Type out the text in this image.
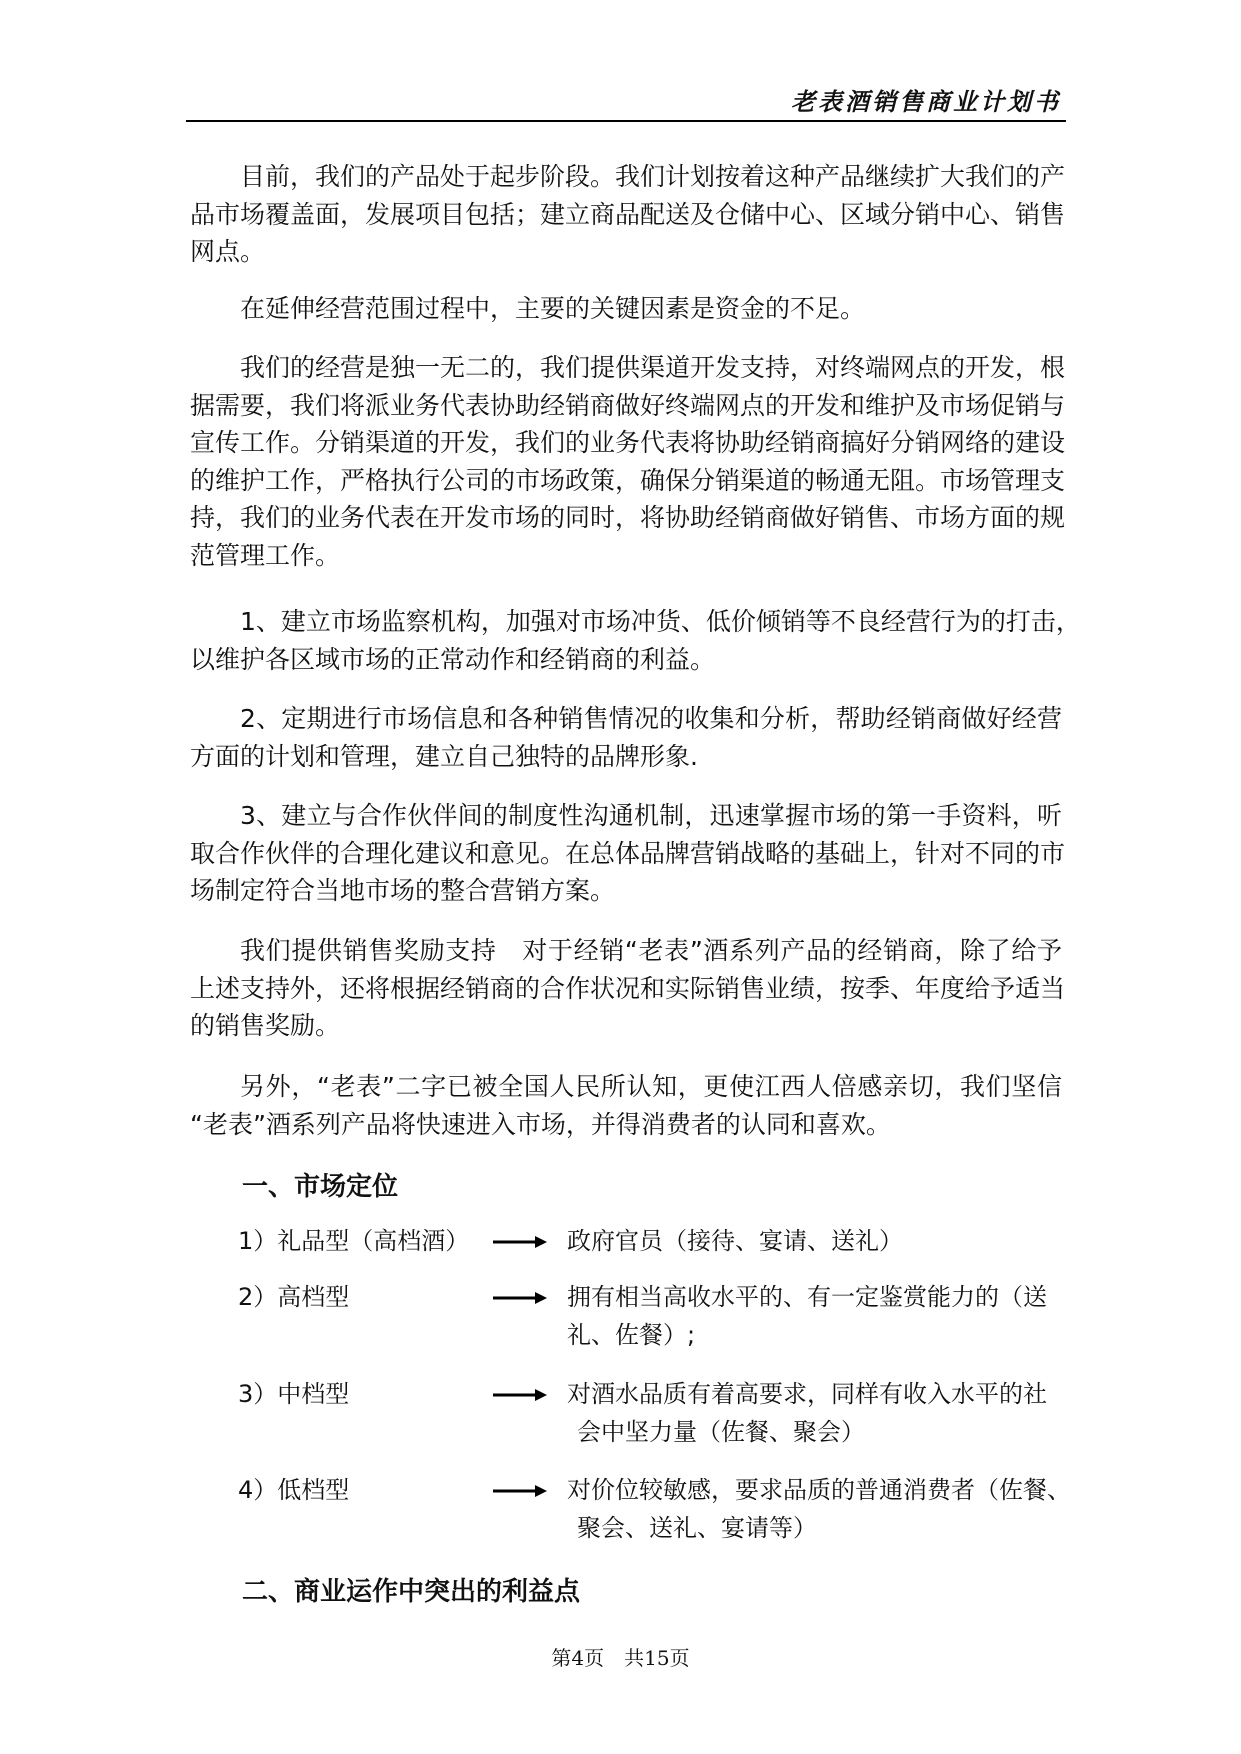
老表酒销售商业计划书
目前，我们的产品处于起步阶段。我们计划按着这种产品继续扩大我们的产
品市场覆盖面，发展项目包括；建立商品配送及仓储中心、区域分销中心、销售
网点。
在延伸经营范围过程中，主要的关键因素是资金的不足。
我们的经营是独一无二的，我们提供渠道开发支持，对终端网点的开发，根
据需要，我们将派业务代表协助经销商做好终端网点的开发和维护及市场促销与
宣传工作。分销渠道的开发，我们的业务代表将协助经销商搞好分销网络的建设
的维护工作，严格执行公司的市场政策，确保分销渠道的畅通无阻。市场管理支
持，我们的业务代表在开发市场的同时，将协助经销商做好销售、市场方面的规
范管理工作。
1、建立市场监察机构，加强对市场冲货、低价倾销等不良经营行为的打击，
以维护各区域市场的正常动作和经销商的利益。
2、定期进行市场信息和各种销售情况的收集和分析，帮助经销商做好经营
方面的计划和管理，建立自己独特的品牌形象.
3、建立与合作伙伴间的制度性沟通机制，迅速掌握市场的第一手资料，听
取合作伙伴的合理化建议和意见。在总体品牌营销战略的基础上，针对不同的市
场制定符合当地市场的整合营销方案。
我们提供销售奖励支持　对于经销“老表”酒系列产品的经销商，除了给予
上述支持外，还将根据经销商的合作状况和实际销售业绩，按季、年度给予适当
的销售奖励。
另外，“老表”二字已被全国人民所认知，更使江西人倍感亲切，我们坚信
“老表”酒系列产品将快速进入市场，并得消费者的认同和喜欢。
一、市场定位
1）礼品型（高档酒）	政府官员（接待、宴请、送礼）
2）高档型	拥有相当高收水平的、有一定鉴赏能力的（送
礼、佐餐）;
3）中档型	对酒水品质有着高要求，同样有收入水平的社
会中坚力量（佐餐、聚会）
4）低档型	对价位较敏感，要求品质的普通消费者（佐餐、
聚会、送礼、宴请等）
二、商业运作中突出的利益点
第4页　共15页
